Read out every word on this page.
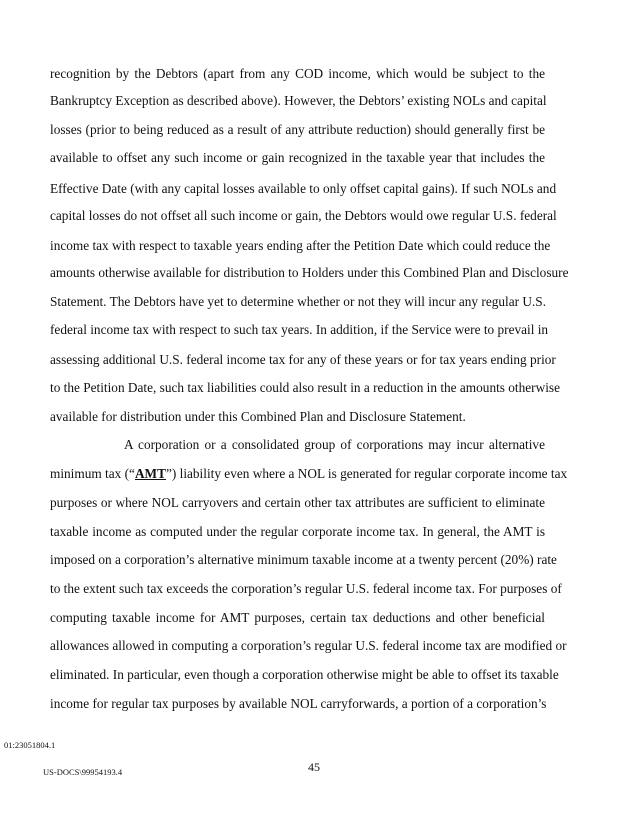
recognition by the Debtors (apart from any COD income, which would be subject to the
Bankruptcy Exception as described above). However, the Debtors’ existing NOLs and capital
losses (prior to being reduced as a result of any attribute reduction) should generally first be
available to offset any such income or gain recognized in the taxable year that includes the
Effective Date (with any capital losses available to only offset capital gains). If such NOLs and
capital losses do not offset all such income or gain, the Debtors would owe regular U.S. federal
income tax with respect to taxable years ending after the Petition Date which could reduce the
amounts otherwise available for distribution to Holders under this Combined Plan and Disclosure
Statement. The Debtors have yet to determine whether or not they will incur any regular U.S.
federal income tax with respect to such tax years. In addition, if the Service were to prevail in
assessing additional U.S. federal income tax for any of these years or for tax years ending prior
to the Petition Date, such tax liabilities could also result in a reduction in the amounts otherwise
available for distribution under this Combined Plan and Disclosure Statement.
A corporation or a consolidated group of corporations may incur alternative
minimum tax (“AMT”) liability even where a NOL is generated for regular corporate income tax
purposes or where NOL carryovers and certain other tax attributes are sufficient to eliminate
taxable income as computed under the regular corporate income tax. In general, the AMT is
imposed on a corporation’s alternative minimum taxable income at a twenty percent (20%) rate
to the extent such tax exceeds the corporation’s regular U.S. federal income tax. For purposes of
computing taxable income for AMT purposes, certain tax deductions and other beneficial
allowances allowed in computing a corporation’s regular U.S. federal income tax are modified or
eliminated. In particular, even though a corporation otherwise might be able to offset its taxable
income for regular tax purposes by available NOL carryforwards, a portion of a corporation’s
01:23051804.1
45
US-DOCS\99954193.4
